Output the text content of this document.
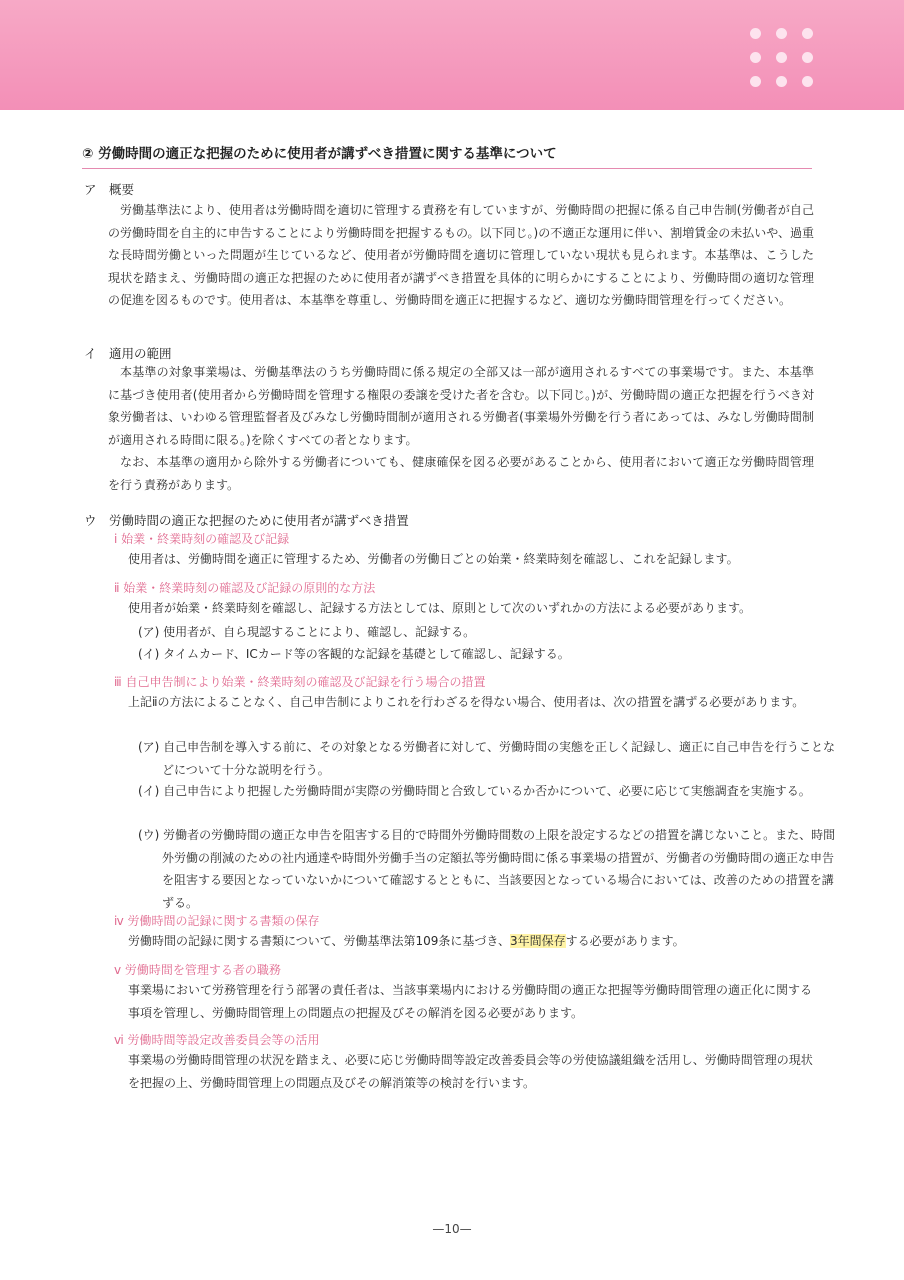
② 労働時間の適正な把握のために使用者が講ずべき措置に関する基準について
ア　概要

労働基準法により、使用者は労働時間を適切に管理する責務を有していますが、労働時間の把握に係る自己申告制(労働者が自己の労働時間を自主的に申告することにより労働時間を把握するもの。以下同じ。)の不適正な運用に伴い、割増賃金の未払いや、過重な長時間労働といった問題が生じているなど、使用者が労働時間を適切に管理していない現状も見られます。本基準は、こうした現状を踏まえ、労働時間の適正な把握のために使用者が講ずべき措置を具体的に明らかにすることにより、労働時間の適切な管理の促進を図るものです。使用者は、本基準を尊重し、労働時間を適正に把握するなど、適切な労働時間管理を行ってください。

イ　適用の範囲

本基準の対象事業場は、労働基準法のうち労働時間に係る規定の全部又は一部が適用されるすべての事業場です。また、本基準に基づき使用者(使用者から労働時間を管理する権限の委譲を受けた者を含む。以下同じ。)が、労働時間の適正な把握を行うべき対象労働者は、いわゆる管理監督者及びみなし労働時間制が適用される労働者(事業場外労働を行う者にあっては、みなし労働時間制が適用される時間に限る。)を除くすべての者となります。

なお、本基準の適用から除外する労働者についても、健康確保を図る必要があることから、使用者において適正な労働時間管理を行う責務があります。

ウ　労働時間の適正な把握のために使用者が講ずべき措置
ⅰ 始業・終業時刻の確認及び記録

使用者は、労働時間を適正に管理するため、労働者の労働日ごとの始業・終業時刻を確認し、これを記録します。

ⅱ 始業・終業時刻の確認及び記録の原則的な方法

使用者が始業・終業時刻を確認し、記録する方法としては、原則として次のいずれかの方法による必要があります。

(ア) 使用者が、自ら現認することにより、確認し、記録する。

(イ) タイムカード、ICカード等の客観的な記録を基礎として確認し、記録する。

ⅲ 自己申告制により始業・終業時刻の確認及び記録を行う場合の措置

上記ⅱの方法によることなく、自己申告制によりこれを行わざるを得ない場合、使用者は、次の措置を講ずる必要があります。

(ア) 自己申告制を導入する前に、その対象となる労働者に対して、労働時間の実態を正しく記録し、適正に自己申告を行うことなどについて十分な説明を行う。

(イ) 自己申告により把握した労働時間が実際の労働時間と合致しているか否かについて、必要に応じて実態調査を実施する。

(ウ) 労働者の労働時間の適正な申告を阻害する目的で時間外労働時間数の上限を設定するなどの措置を講じないこと。また、時間外労働の削減のための社内通達や時間外労働手当の定額払等労働時間に係る事業場の措置が、労働者の労働時間の適正な申告を阻害する要因となっていないかについて確認するとともに、当該要因となっている場合においては、改善のための措置を講ずる。

ⅳ 労働時間の記録に関する書類の保存

労働時間の記録に関する書類について、労働基準法第109条に基づき、3年間保存する必要があります。

ⅴ 労働時間を管理する者の職務

事業場において労務管理を行う部署の責任者は、当該事業場内における労働時間の適正な把握等労働時間管理の適正化に関する事項を管理し、労働時間管理上の問題点の把握及びその解消を図る必要があります。

ⅵ 労働時間等設定改善委員会等の活用

事業場の労働時間管理の状況を踏まえ、必要に応じ労働時間等設定改善委員会等の労使協議組織を活用し、労働時間管理の現状を把握の上、労働時間管理上の問題点及びその解消策等の検討を行います。

—10—
